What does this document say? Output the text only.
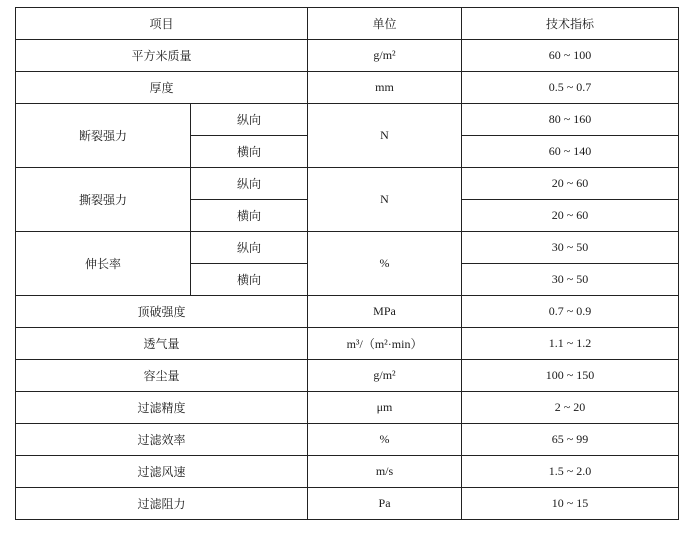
项目		单位	技术指标
平方米质量		g/m²	60 ~ 100
厚度		mm	0.5 ~ 0.7
断裂强力	纵向	N	80 ~ 160
	横向		60 ~ 140
撕裂强力	纵向	N	20 ~ 60
	横向		20 ~ 60
伸长率	纵向	%	30 ~ 50
	横向		30 ~ 50
顶破强度		MPa	0.7 ~ 0.9
透气量		m³/（m²·min）	1.1 ~ 1.2
容尘量		g/m²	100 ~ 150
过滤精度		μm	2 ~ 20
过滤效率		%	65 ~ 99
过滤风速		m/s	1.5 ~ 2.0
过滤阻力		Pa	10 ~ 15
